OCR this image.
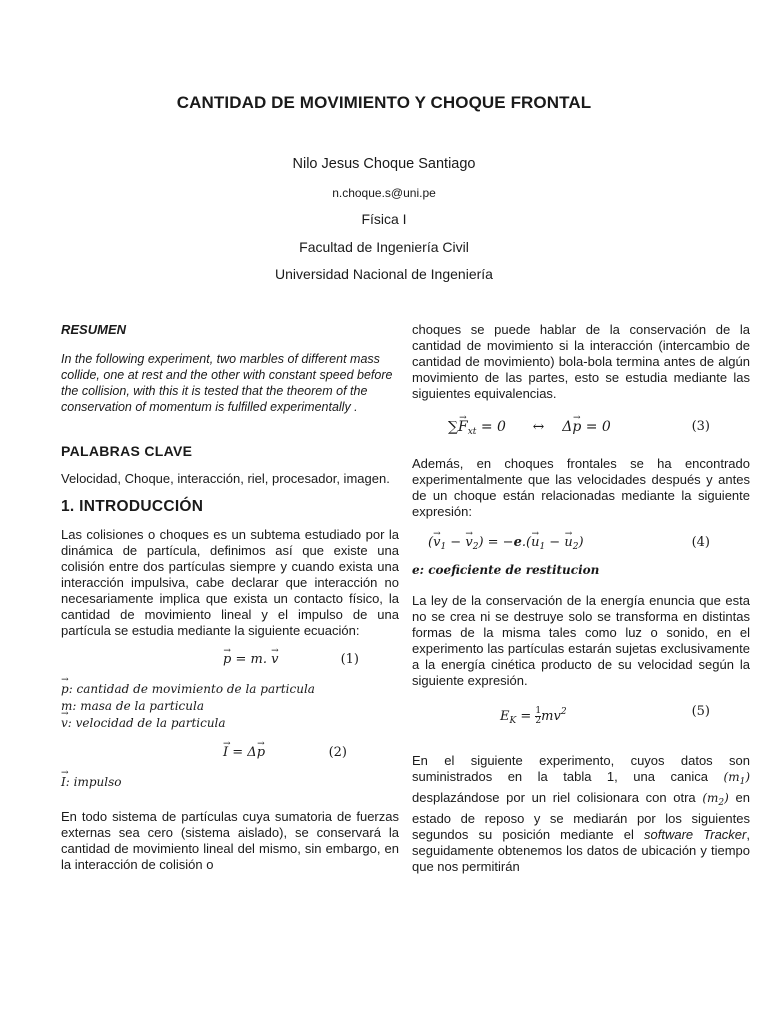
CANTIDAD DE MOVIMIENTO Y CHOQUE FRONTAL
Nilo Jesus Choque Santiago
n.choque.s@uni.pe
Física I
Facultad de Ingeniería Civil
Universidad Nacional de Ingeniería

RESUMEN

In the following experiment, two marbles of different mass collide, one at rest and the other with constant speed before the collision, with this it is tested that the theorem of the conservation of momentum is fulfilled experimentally .

PALABRAS CLAVE

Velocidad, Choque, interacción, riel, procesador, imagen.

1. INTRODUCCIÓN

Las colisiones o choques es un subtema estudiado por la dinámica de partícula, definimos así que existe una colisión entre dos partículas siempre y cuando exista una interacción impulsiva, cabe declarar que interacción no necesariamente implica que exista un contacto físico, la cantidad de movimiento lineal y el impulso de una partícula se estudia mediante la siguiente ecuación:

→ p = m. → v	(1)
→ p: cantidad de movimiento de la particula
m: masa de la particula
→ v: velocidad de la particula
→ I = Δ→ p	(2)
→ I: impulso

En todo sistema de partículas cuya sumatoria de fuerzas externas sea cero (sistema aislado), se conservará la cantidad de movimiento lineal del mismo, sin embargo, en la interacción de colisión o

choques se puede hablar de la conservación de la cantidad de movimiento si la interacción (intercambio de cantidad de movimiento) bola-bola termina antes de algún movimiento de las partes, esto se estudia mediante las siguientes equivalencias.

∑→ $F_{xt} = 0$      ↔    Δ→ p = 0	(3)

Además, en choques frontales se ha encontrado experimentalmente que las velocidades después y antes de un choque están relacionadas mediante la siguiente expresión:

(→ $v_1$ − → $v_2) = -e.(\to u_1$ − → $u_2$)	(4)
e: coeficiente de restitucion

La ley de la conservación de la energía enuncia que esta no se crea ni se destruye solo se transforma en distintas formas de la misma tales como luz o sonido, en el experimento las partículas estarán sujetas exclusivamente a la energía cinética producto de su velocidad según la siguiente expresión.

$E_K = \frac{1}{2} mv^2$	(5)

En el siguiente experimento, cuyos datos son suministrados en la tabla 1, una canica $(m_1)$ desplazándose por un riel colisionara con otra $(m_2)$ en estado de reposo y se mediarán por los siguientes segundos su posición mediante el software Tracker, seguidamente obtenemos los datos de ubicación y tiempo que nos permitirán
